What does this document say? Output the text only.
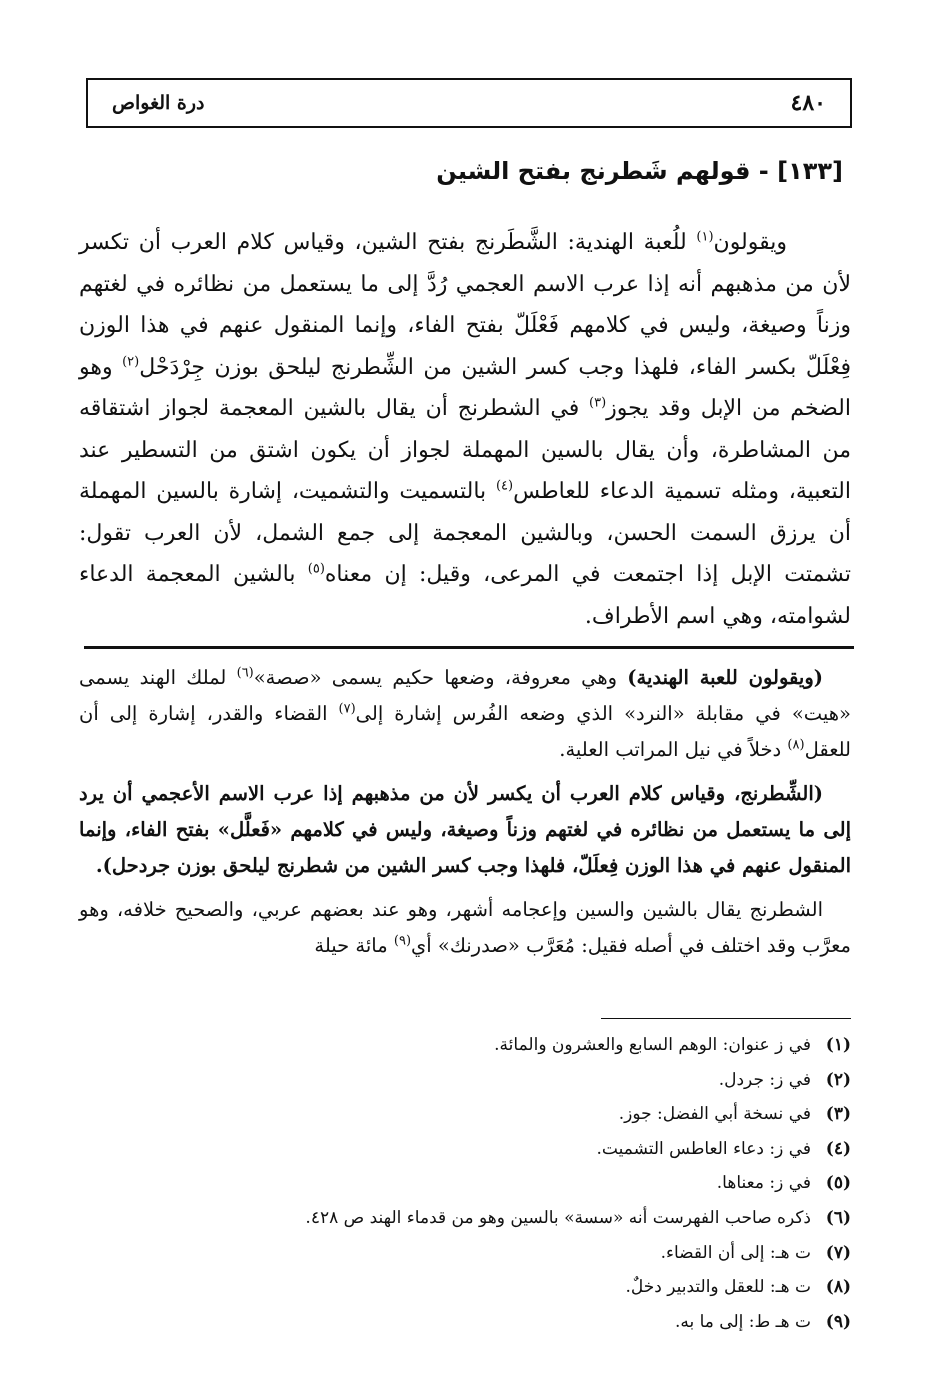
٤٨٠
درة الغواص
[١٣٣] - قولهم شَطرنج بفتح الشين

ويقولون$^{(١)}$ للُعبة الهندية: الشَّطَرنج بفتح الشين، وقياس كلام العرب أن تكسر لأن من مذهبهم أنه إذا عرب الاسم العجمي رُدَّ إلى ما يستعمل من نظائره في لغتهم وزناً وصيغة، وليس في كلامهم فَعْلَلّ بفتح الفاء، وإنما المنقول عنهم في هذا الوزن فِعْلَلّ بكسر الفاء، فلهذا وجب كسر الشين من الشِّطرنج ليلحق بوزن جِرْدَحْل$^{(٢)}$ وهو الضخم من الإبل وقد يجوز$^{(٣)}$ في الشطرنج أن يقال بالشين المعجمة لجواز اشتقاقه من المشاطرة، وأن يقال بالسين المهملة لجواز أن يكون اشتق من التسطير عند التعبية، ومثله تسمية الدعاء للعاطس$^{(٤)}$ بالتسميت والتشميت، إشارة بالسين المهملة أن يرزق السمت الحسن، وبالشين المعجمة إلى جمع الشمل، لأن العرب تقول: تشمتت الإبل إذا اجتمعت في المرعى، وقيل: إن معناه$^{(٥)}$ بالشين المعجمة الدعاء لشوامته، وهي اسم الأطراف.

(ويقولون للعبة الهندية) وهي معروفة، وضعها حكيم يسمى «صصة»$^{(٦)}$ لملك الهند يسمى «هيت» في مقابلة «النرد» الذي وضعه الفُرس إشارة إلى$^{(٧)}$ القضاء والقدر، إشارة إلى أن للعقل$^{(٨)}$ دخلاً في نيل المراتب العلية.

(الشِّطرنج، وقياس كلام العرب أن يكسر لأن من مذهبهم إذا عرب الاسم الأعجمي أن يرد إلى ما يستعمل من نظائره في لغتهم وزناً وصيغة، وليس في كلامهم «فَعلَّل» بفتح الفاء، وإنما المنقول عنهم في هذا الوزن فِعلَلّ، فلهذا وجب كسر الشين من شطرنج ليلحق بوزن جردحل).

الشطرنج يقال بالشين والسين وإعجامه أشهر، وهو عند بعضهم عربي، والصحيح خلافه، وهو معرَّب وقد اختلف في أصله فقيل: مُعَرَّب «صدرنك» أي$^{(٩)}$ مائة حيلة

(١)
في ز عنوان: الوهم السابع والعشرون والمائة.
(٢)
في ز: جردل.
(٣)
في نسخة أبي الفضل: جوز.
(٤)
في ز: دعاء العاطس التشميت.
(٥)
في ز: معناها.
(٦)
ذكره صاحب الفهرست أنه «سسة» بالسين وهو من قدماء الهند ص ٤٢٨.
(٧)
ت هـ: إلى أن القضاء.
(٨)
ت هـ: للعقل والتدبير دخلٌ.
(٩)
ت هـ ط: إلى ما به.
